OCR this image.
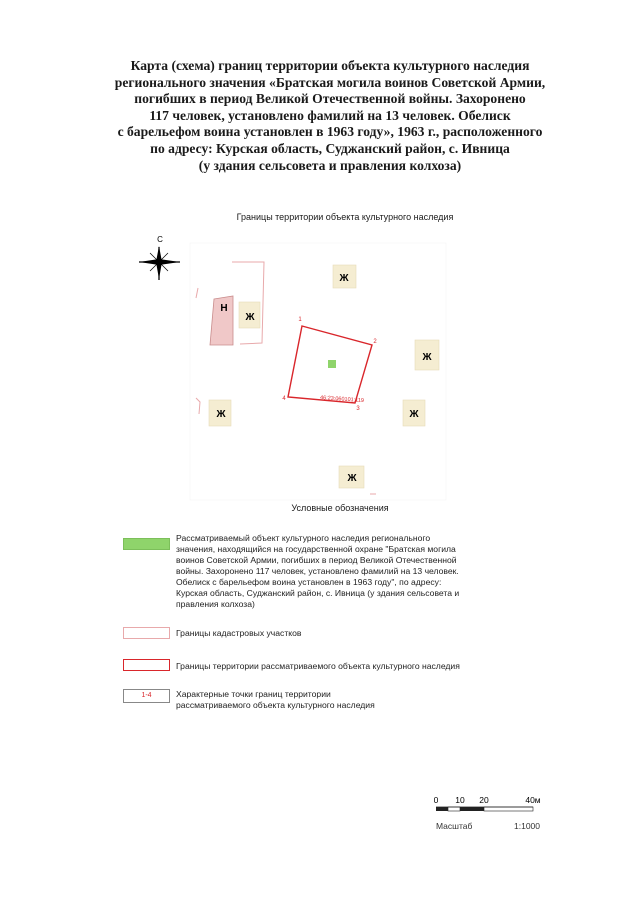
Карта (схема) границ территории объекта культурного наследия
регионального значения «Братская могила воинов Советской Армии,
погибших в период Великой Отечественной войны. Захоронено
117 человек, установлено фамилий на 13 человек. Обелиск
с барельефом воина установлен в 1963 году», 1963 г., расположенного
по адресу: Курская область, Суджанский район, с. Ивница
(у здания сельсовета и правления колхоза)
Границы территории объекта культурного наследия
С
Н
Ж
Ж
Ж
Ж	Ж
Ж
46:23:060101:119
1
2
3
4
Условные обозначения
Рассматриваемый объект культурного наследия регионального
значения, находящийся на государственной охране "Братская могила
воинов Советской Армии, погибших в период Великой Отечественной
войны. Захоронено 117 человек, установлено фамилий на 13 человек.
Обелиск с барельефом воина установлен в 1963 году", по адресу:
Курская область, Суджанский район, с. Ивница (у здания сельсовета и
правления колхоза)
Границы кадастровых участков
Границы территории рассматриваемого объекта культурного наследия
1-4	Характерные точки границ территории
рассматриваемого объекта культурного наследия
0 10 20	40м
Масштаб	1:1000
